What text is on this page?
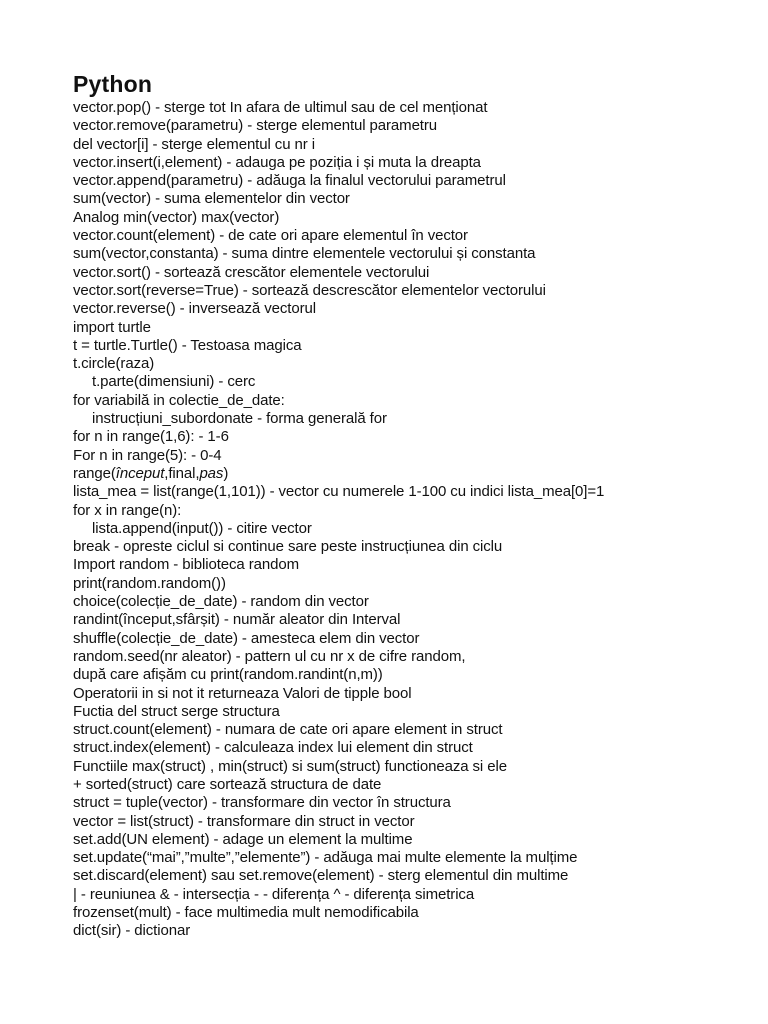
Python
vector.pop() - sterge tot In afara de ultimul sau de cel menționat
vector.remove(parametru) - sterge elementul parametru
del vector[i] - sterge elementul cu nr i
vector.insert(i,element) - adauga pe poziția i și muta la dreapta
vector.append(parametru) - adăuga la finalul vectorului parametrul
sum(vector) - suma elementelor din vector
Analog min(vector) max(vector)
vector.count(element) - de cate ori apare elementul în vector
sum(vector,constanta) - suma dintre elementele vectorului și constanta
vector.sort() - sortează crescător elementele vectorului
vector.sort(reverse=True) - sortează descrescător elementelor vectorului
vector.reverse() - inversează vectorul
import turtle
t = turtle.Turtle() - Testoasa magica
t.circle(raza)
t.parte(dimensiuni) - cerc
for variabilă in colectie_de_date:
instrucțiuni_subordonate - forma generală for
for n in range(1,6): - 1-6
For n in range(5): - 0-4
range(început,final,pas)
lista_mea = list(range(1,101)) - vector cu numerele 1-100 cu indici lista_mea[0]=1
for x in range(n):
lista.append(input()) - citire vector
break - opreste ciclul si continue sare peste instrucțiunea din ciclu
Import random - biblioteca random
print(random.random())
choice(colecție_de_date) - random din vector
randint(început,sfârșit) - număr aleator din Interval
shuffle(colecție_de_date) - amesteca elem din vector
random.seed(nr aleator) - pattern ul cu nr x de cifre random,
după care afișăm cu print(random.randint(n,m))
Operatorii in si not it returneaza Valori de tipple bool
Fuctia del struct serge structura
struct.count(element) - numara de cate ori apare element in struct
struct.index(element) - calculeaza index lui element din struct
Functiile max(struct) , min(struct) si sum(struct) functioneaza si ele
+ sorted(struct) care sortează structura de date
struct = tuple(vector) - transformare din vector în structura
vector = list(struct) - transformare din struct in vector
set.add(UN element) - adage un element la multime
set.update(“mai”,”multe”,”elemente”) - adăuga mai multe elemente la mulțime
set.discard(element) sau set.remove(element) - sterg elementul din multime
| - reuniunea & - intersecția - - diferența ^ - diferența simetrica
frozenset(mult) - face multimedia mult nemodificabila
dict(sir) - dictionar
